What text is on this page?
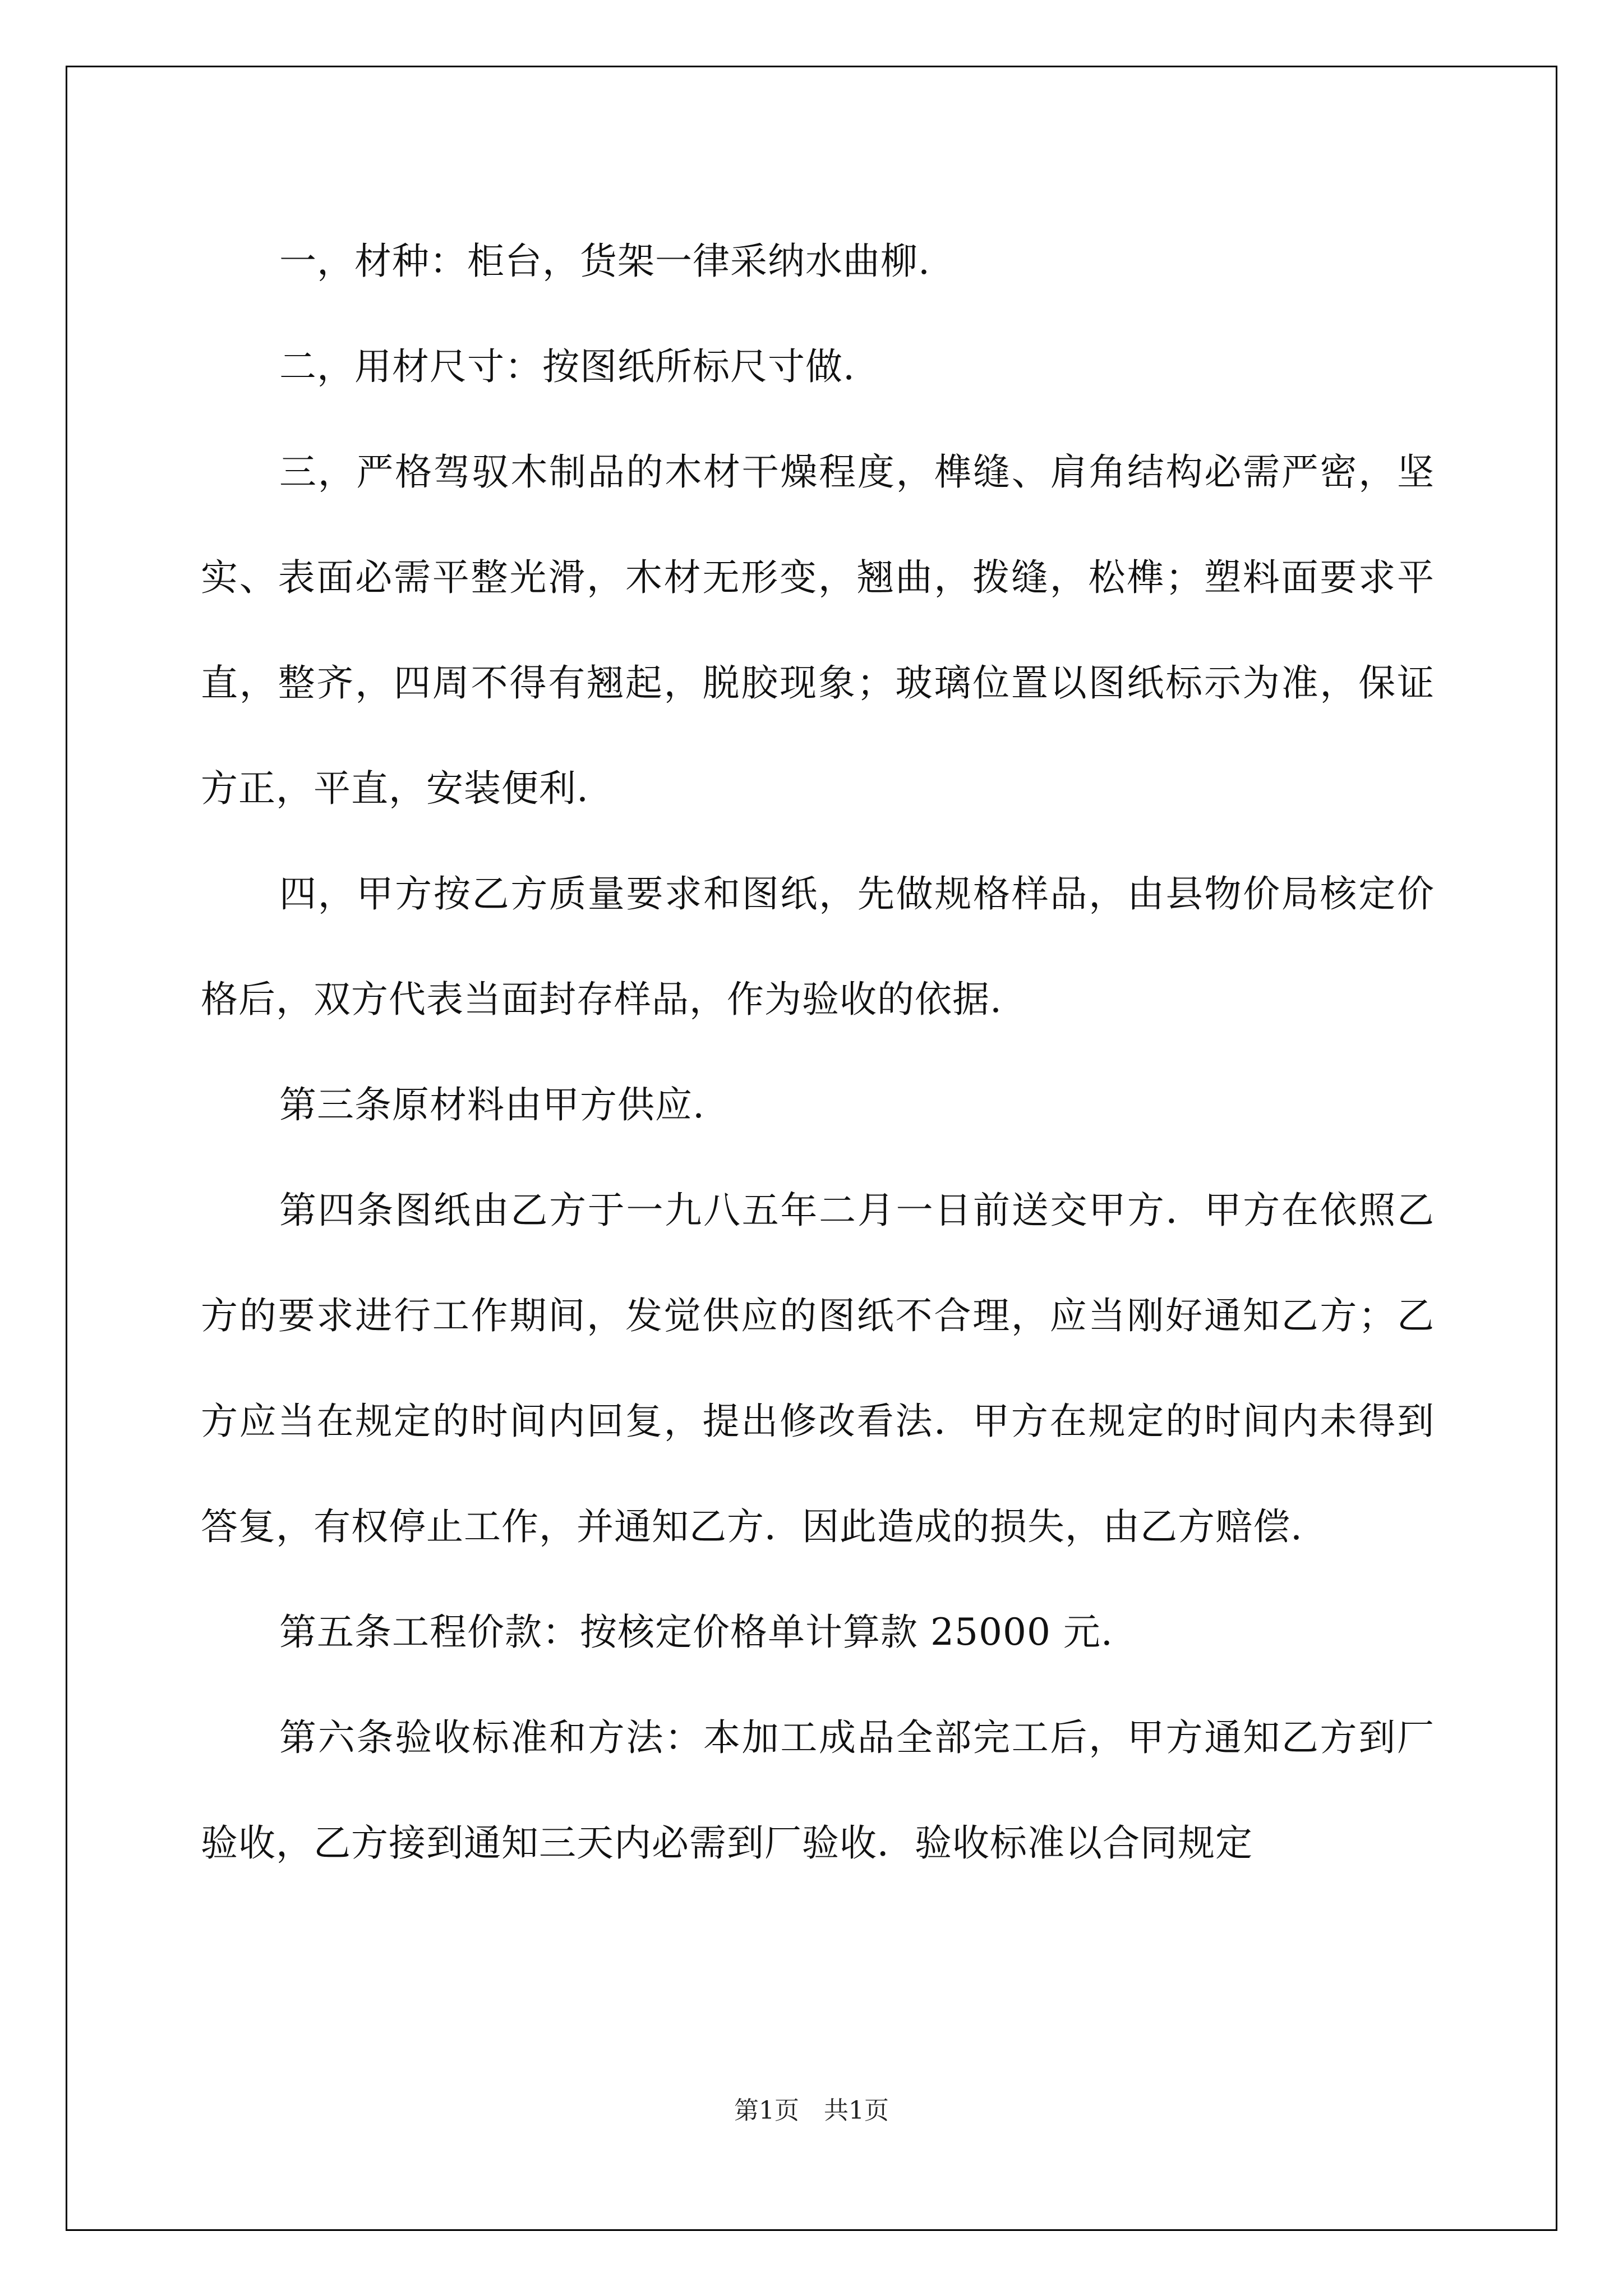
一，材种：柜台，货架一律采纳水曲柳.

二，用材尺寸：按图纸所标尺寸做.

三，严格驾驭木制品的木材干燥程度，榫缝、肩角结构必需严密，坚实、表面必需平整光滑，木材无形变，翘曲，拨缝，松榫；塑料面要求平直，整齐，四周不得有翘起，脱胶现象；玻璃位置以图纸标示为准，保证方正，平直，安装便利.

四，甲方按乙方质量要求和图纸，先做规格样品，由县物价局核定价格后，双方代表当面封存样品，作为验收的依据.

第三条原材料由甲方供应.

第四条图纸由乙方于一九八五年二月一日前送交甲方．甲方在依照乙方的要求进行工作期间，发觉供应的图纸不合理，应当刚好通知乙方；乙方应当在规定的时间内回复，提出修改看法．甲方在规定的时间内未得到答复，有权停止工作，并通知乙方．因此造成的损失，由乙方赔偿.

第五条工程价款：按核定价格单计算款 25000 元.

第六条验收标准和方法：本加工成品全部完工后，甲方通知乙方到厂验收，乙方接到通知三天内必需到厂验收．验收标准以合同规定

第1页　共1页
